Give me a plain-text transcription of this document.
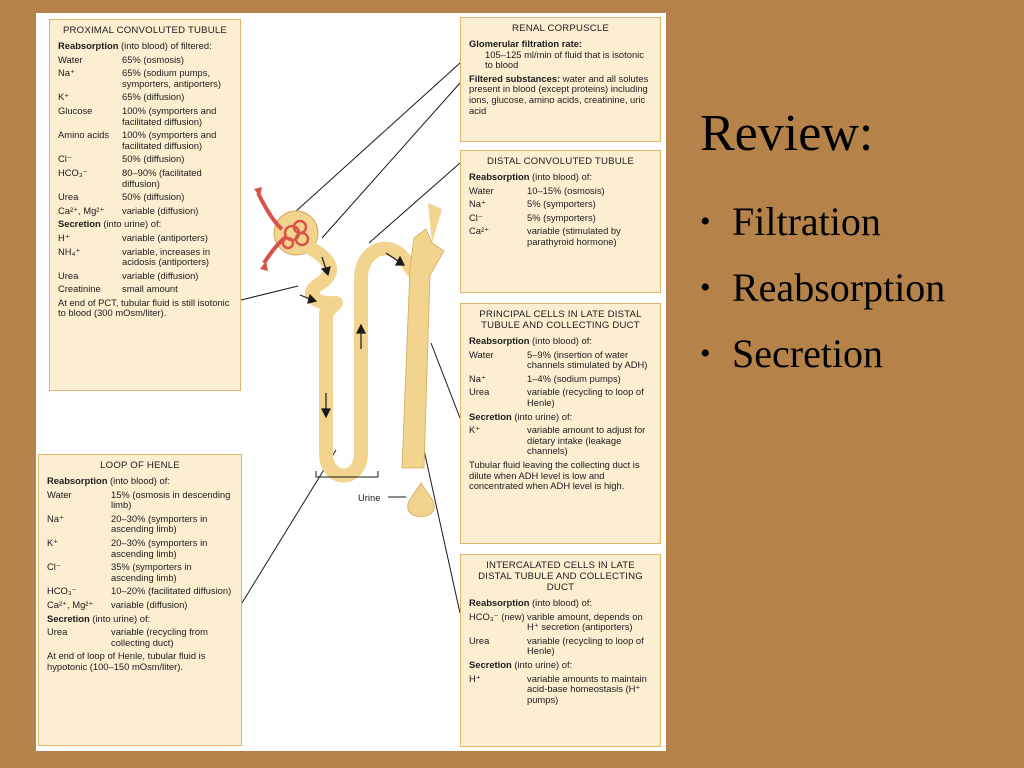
Urine
PROXIMAL CONVOLUTED TUBULE
Reabsorption (into blood) of filtered:
Water	65% (osmosis)
Na⁺	65% (sodium pumps, symporters, antiporters)
K⁺	65% (diffusion)
Glucose	100% (symporters and facilitated diffusion)
Amino acids	100% (symporters and facilitated diffusion)
Cl⁻	50% (diffusion)
HCO₃⁻	80–90% (facilitated diffusion)
Urea	50% (diffusion)
Ca²⁺, Mg²⁺	variable (diffusion)
Secretion (into urine) of:
H⁺	variable (antiporters)
NH₄⁺	variable, increases in acidosis (antiporters)
Urea	variable (diffusion)
Creatinine	small amount
At end of PCT, tubular fluid is still isotonic to blood (300 mOsm/liter).
LOOP OF HENLE
Reabsorption (into blood) of:
Water	15% (osmosis in descending limb)
Na⁺	20–30% (symporters in ascending limb)
K⁺	20–30% (symporters in ascending limb)
Cl⁻	35% (symporters in ascending limb)
HCO₃⁻	10–20% (facilitated diffusion)
Ca²⁺, Mg²⁺	variable (diffusion)
Secretion (into urine) of:
Urea	variable (recycling from collecting duct)
At end of loop of Henle, tubular fluid is hypotonic (100–150 mOsm/liter).
RENAL CORPUSCLE
Glomerular filtration rate:
105–125 ml/min of fluid that is isotonic to blood
Filtered substances: water and all solutes present in blood (except proteins) including ions, glucose, amino acids, creatinine, uric acid
DISTAL CONVOLUTED TUBULE
Reabsorption (into blood) of:
Water	10–15% (osmosis)
Na⁺	5% (symporters)
Cl⁻	5% (symporters)
Ca²⁺	variable (stimulated by parathyroid hormone)
PRINCIPAL CELLS IN LATE DISTAL TUBULE AND COLLECTING DUCT
Reabsorption (into blood) of:
Water	5–9% (insertion of water channels stimulated by ADH)
Na⁺	1–4% (sodium pumps)
Urea	variable (recycling to loop of Henle)
Secretion (into urine) of:
K⁺	variable amount to adjust for dietary intake (leakage channels)
Tubular fluid leaving the collecting duct is dilute when ADH level is low and concentrated when ADH level is high.
INTERCALATED CELLS IN LATE DISTAL TUBULE AND COLLECTING DUCT
Reabsorption (into blood) of:
HCO₃⁻ (new) varible amount, depends on H⁺ secretion (antiporters)
Urea	variable (recycling to loop of Henle)
Secretion (into urine) of:
H⁺	variable amounts to maintain acid-base homeostasis (H⁺ pumps)
Review:
• Filtration
• Reabsorption
• Secretion
